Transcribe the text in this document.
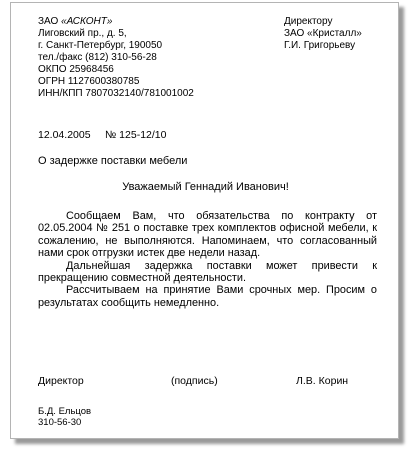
ЗАО «АСКОНТ»
Лиговский пр., д. 5,
г. Санкт-Петербург, 190050
тел./факс (812) 310-56-28
ОКПО 25968456
ОГРН 1127600380785
ИНН/КПП 7807032140/781001002
Директору
ЗАО «Кристалл»
Г.И. Григорьеву
12.04.2005 № 125-12/10
О задержке поставки мебели
Уважаемый Геннадий Иванович!

Сообщаем Вам, что обязательства по контракту от 02.05.2004 № 251 о поставке трех комплектов офисной мебели, к сожалению, не выполняются. Напоминаем, что согласованный нами срок отгрузки истек две недели назад.

Дальнейшая задержка поставки может привести к прекращению совместной деятельности.

Рассчитываем на принятие Вами срочных мер. Просим о результатах сообщить немедленно.

Директор	(подпись)	Л.В. Корин
Б.Д. Ельцов
310-56-30
